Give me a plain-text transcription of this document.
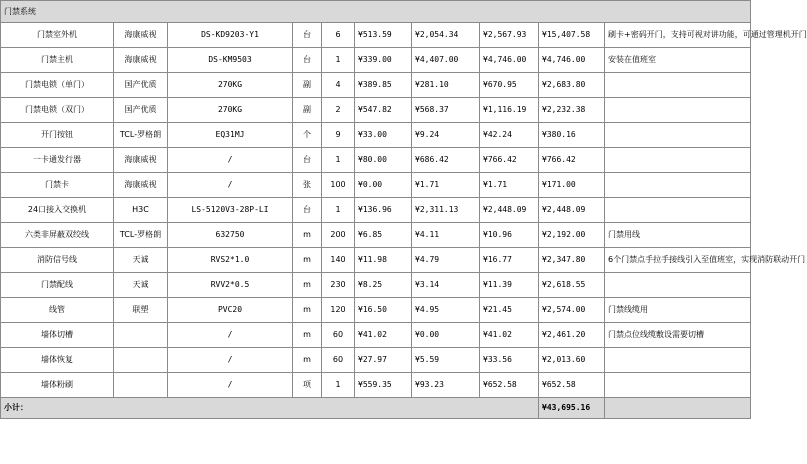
门禁系统									
门禁室外机	海康威视	DS-KD9203-Y1	台	6	¥513.59	¥2,054.34	¥2,567.93	¥15,407.58	刷卡+密码开门，支持可视对讲功能，可通过管理机开门
门禁主机	海康威视	DS-KM9503	台	1	¥339.00	¥4,407.00	¥4,746.00	¥4,746.00	安装在值班室
门禁电锁（单门）	国产优质	270KG	副	4	¥389.85	¥281.10	¥670.95	¥2,683.80	
门禁电锁（双门）	国产优质	270KG	副	2	¥547.82	¥568.37	¥1,116.19	¥2,232.38	
开门按钮	TCL-罗格朗	EQ31MJ	个	9	¥33.00	¥9.24	¥42.24	¥380.16	
一卡通发行器	海康威视	/	台	1	¥80.00	¥686.42	¥766.42	¥766.42	
门禁卡	海康威视	/	张	100	¥0.00	¥1.71	¥1.71	¥171.00	
24口接入交换机	H3C	LS-5120V3-28P-LI	台	1	¥136.96	¥2,311.13	¥2,448.09	¥2,448.09	
六类非屏蔽双绞线	TCL-罗格朗	632750	m	200	¥6.85	¥4.11	¥10.96	¥2,192.00	门禁用线
消防信号线	天诚	RVS2*1.0	m	140	¥11.98	¥4.79	¥16.77	¥2,347.80	6个门禁点手拉手接线引入至值班室，实现消防联动开门
门禁配线	天诚	RVV2*0.5	m	230	¥8.25	¥3.14	¥11.39	¥2,618.55	
线管	联塑	PVC20	m	120	¥16.50	¥4.95	¥21.45	¥2,574.00	门禁线缆用
墙体切槽		/	m	60	¥41.02	¥0.00	¥41.02	¥2,461.20	门禁点位线缆敷设需要切槽
墙体恢复		/	m	60	¥27.97	¥5.59	¥33.56	¥2,013.60	
墙体粉刷		/	项	1	¥559.35	¥93.23	¥652.58	¥652.58	
小计：								¥43,695.16	
